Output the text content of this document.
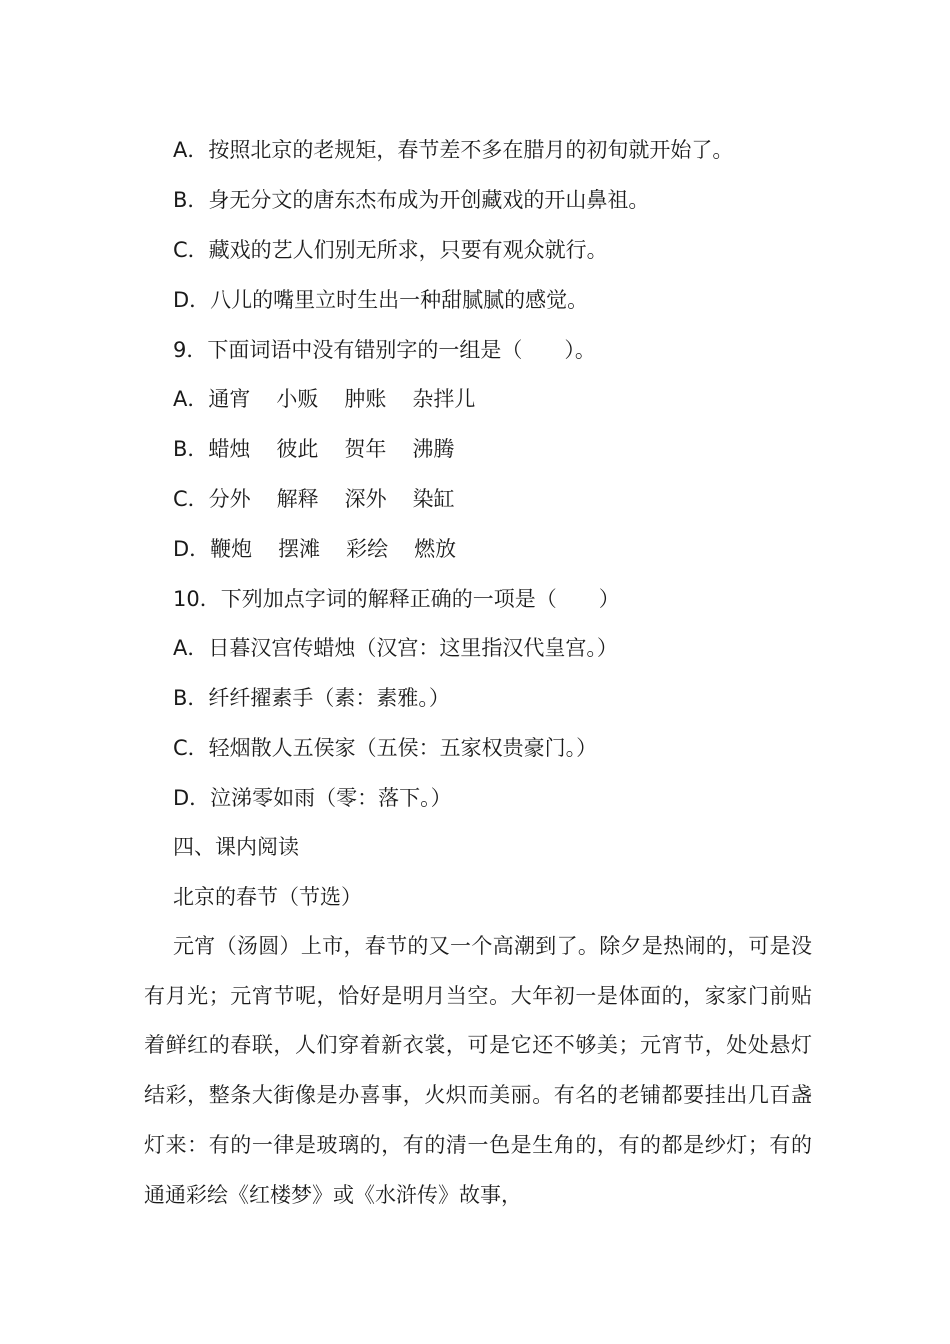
A．按照北京的老规矩，春节差不多在腊月的初旬就开始了。
B．身无分文的唐东杰布成为开创藏戏的开山鼻祖。
C．藏戏的艺人们别无所求，只要有观众就行。
D．八儿的嘴里立时生出一种甜腻腻的感觉。
9．下面词语中没有错别字的一组是（　　）。
A．通宵 小贩 肿账 杂拌儿
B．蜡烛 彼此 贺年 沸腾
C．分外 解释 深外 染缸
D．鞭炮 摆滩 彩绘 燃放
10．下列加点字词的解释正确的一项是（　　）
A．日暮汉宫传蜡烛（汉宫：这里指汉代皇宫。）
B．纤纤擢素手（素：素雅。）
C．轻烟散人五侯家（五侯：五家权贵豪门。）
D．泣涕零如雨（零：落下。）
四、课内阅读
北京的春节（节选）

元宵（汤圆）上市，春节的又一个高潮到了。除夕是热闹的，可是没有月光；元宵节呢，恰好是明月当空。大年初一是体面的，家家门前贴着鲜红的春联，人们穿着新衣裳，可是它还不够美；元宵节，处处悬灯结彩，整条大街像是办喜事，火炽而美丽。有名的老铺都要挂出几百盏灯来：有的一律是玻璃的，有的清一色是生角的，有的都是纱灯；有的通通彩绘《红楼梦》或《水浒传》故事，
